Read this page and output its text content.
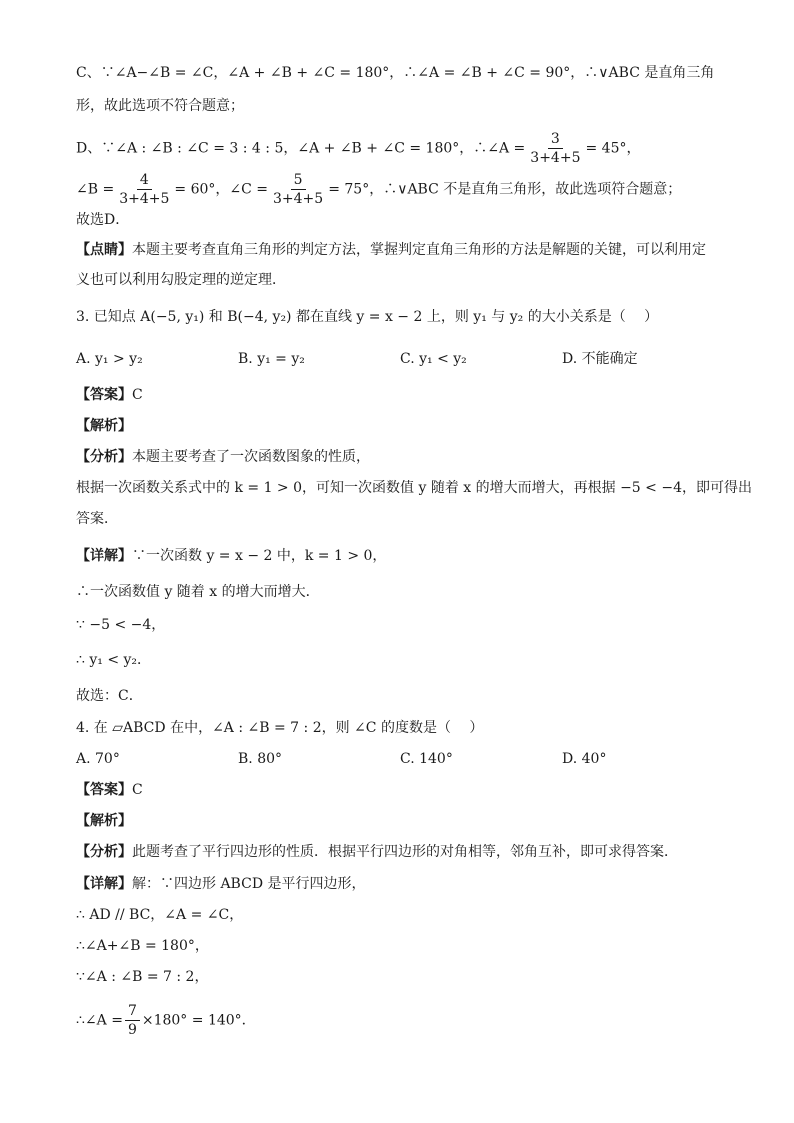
C、∵∠A−∠B = ∠C，∠A + ∠B + ∠C = 180°，∴∠A = ∠B + ∠C = 90°，∴∨ABC 是直角三角
形，故此选项不符合题意；
D、∵∠A : ∠B : ∠C = 3 : 4 : 5，∠A + ∠B + ∠C = 180°，∴∠A = $\frac{3}{3+4+5} = 45^\circ$，
∠B = $\frac{4}{3+4+5} = 60^\circ$，∠C = $\frac{5}{3+4+5} = 75^\circ$，∴∨ABC 不是直角三角形，故此选项符合题意；
故选D．
【点睛】本题主要考查直角三角形的判定方法，掌握判定直角三角形的方法是解题的关键，可以利用定
义也可以利用勾股定理的逆定理．
3. 已知点 A(−5, y₁) 和 B(−4, y₂) 都在直线 y = x − 2 上，则 y₁ 与 y₂ 的大小关系是（　 ）
A. y₁ > y₂	B. y₁ = y₂	C. y₁ < y₂	D. 不能确定
【答案】C
【解析】
【分析】本题主要考查了一次函数图象的性质，
根据一次函数关系式中的 k = 1 > 0，可知一次函数值 y 随着 x 的增大而增大，再根据 −5 < −4，即可得出
答案．
【详解】∵一次函数 y = x − 2 中，k = 1 > 0，
∴一次函数值 y 随着 x 的增大而增大．
∵ −5 < −4，
∴ y₁ < y₂．
故选：C．
4. 在 ▱ABCD 在中，∠A : ∠B = 7 : 2，则 ∠C 的度数是（　 ）
A. 70°	B. 80°	C. 140°	D. 40°
【答案】C
【解析】
【分析】此题考查了平行四边形的性质．根据平行四边形的对角相等，邻角互补，即可求得答案．
【详解】解：∵四边形 ABCD 是平行四边形，
∴ AD // BC，∠A = ∠C，
∴∠A+∠B = 180°，
∵∠A : ∠B = 7 : 2，
∴∠A = $\frac{7}{9} \times 180^\circ = 140^\circ$．
